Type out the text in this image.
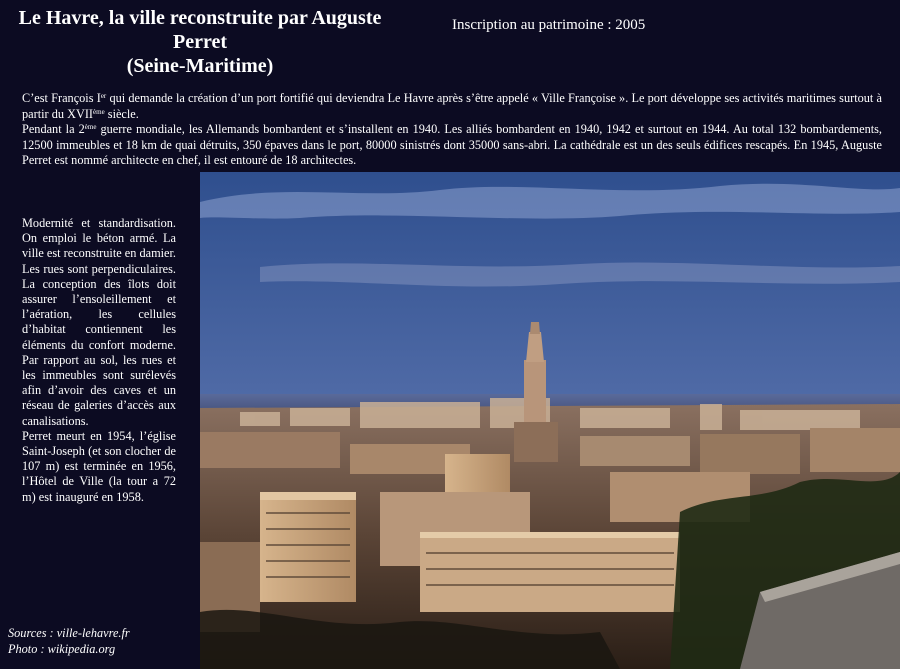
Le Havre, la ville reconstruite par Auguste
Perret
(Seine-Maritime)
Inscription au patrimoine : 2005

C’est François Ier qui demande la création d’un port fortifié qui deviendra Le Havre après s’être appelé « Ville Françoise ». Le port développe ses activités maritimes surtout à partir du XVIIème siècle.

Pendant la 2ème guerre mondiale, les Allemands bombardent et s’installent en 1940. Les alliés bombardent en 1940, 1942 et surtout en 1944. Au total 132 bombardements, 12500 immeubles et 18 km de quai détruits, 350 épaves dans le port, 80000 sinistrés dont 35000 sans-abri. La cathédrale est un des seuls édifices rescapés. En 1945, Auguste Perret est nommé architecte en chef, il est entouré de 18 architectes.

Modernité et standardisation. On emploi le béton armé. La ville est reconstruite en damier. Les rues sont perpendiculaires. La conception des îlots doit assurer l’ensoleillement et l’aération, les cellules d’habitat contiennent les éléments du confort moderne. Par rapport au sol, les rues et les immeubles sont surélevés afin d’avoir des caves et un réseau de galeries d’accès aux canalisations.

Perret meurt en 1954, l’église Saint-Joseph (et son clocher de 107 m) est terminée en 1956, l’Hôtel de Ville (la tour a 72 m) est inauguré en 1958.

Sources : ville-lehavre.fr

Photo : wikipedia.org
